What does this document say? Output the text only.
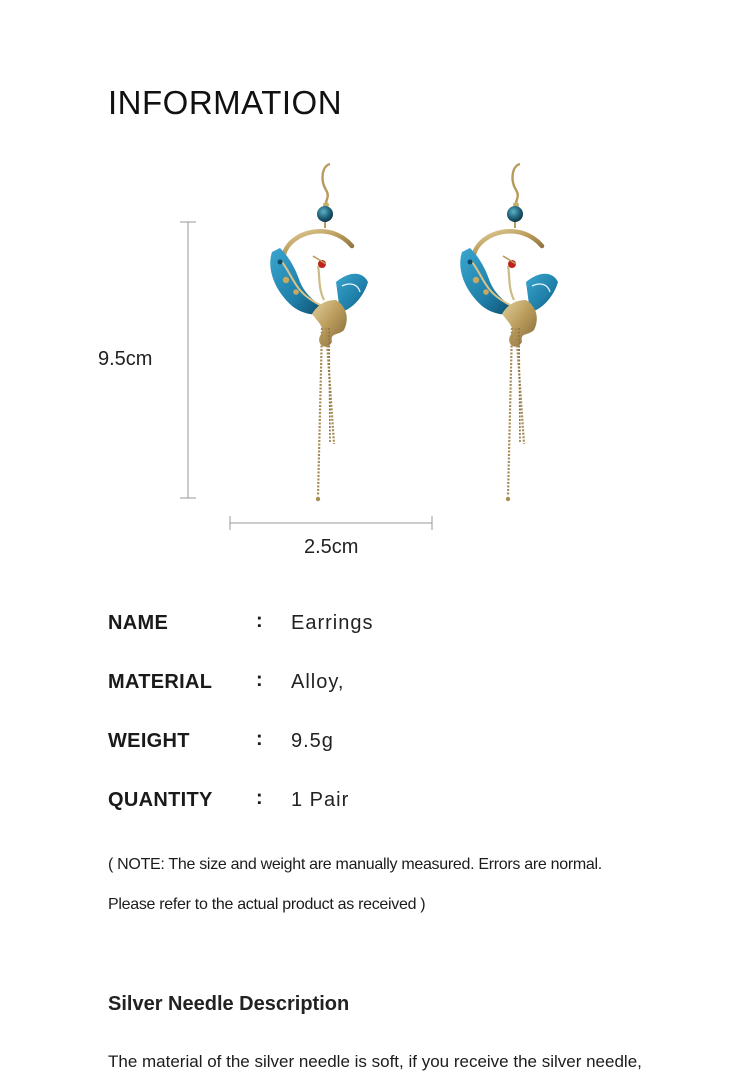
INFORMATION
9.5cm
2.5cm
NAME	: Earrings
MATERIAL : Alloy,
WEIGHT	: 9.5g
QUANTITY : 1 Pair
( NOTE: The size and weight are manually measured. Errors are normal.
Please refer to the actual product as received )
Silver Needle Description
The material of the silver needle is soft, if you receive the silver needle,
